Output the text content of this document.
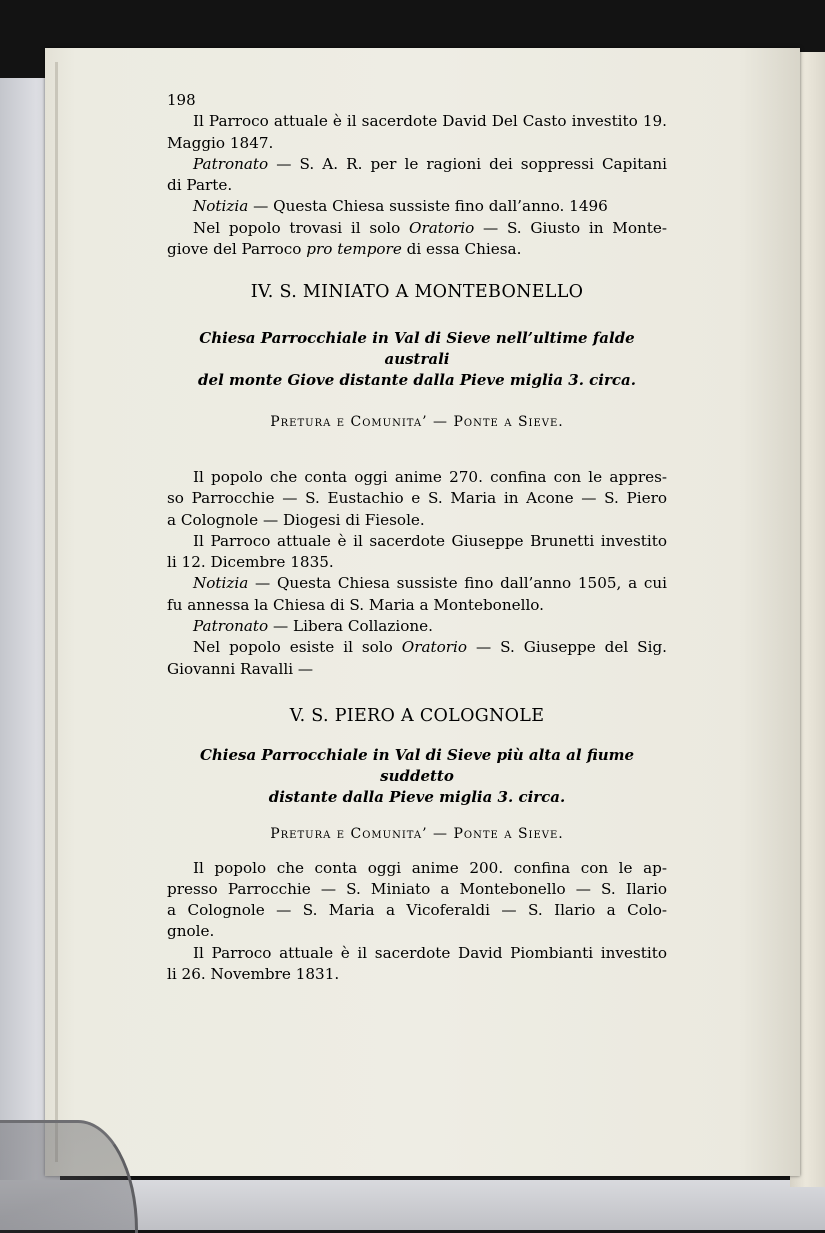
198
Il Parroco attuale è il sacerdote David Del Casto investito 19.
Maggio 1847.
Patronato — S. A. R. per le ragioni dei soppressi Capitani
di Parte.
Notizia — Questa Chiesa sussiste fino dall’anno. 1496
Nel popolo trovasi il solo Oratorio — S. Giusto in Monte-
giove del Parroco pro tempore di essa Chiesa.
IV. S. MINIATO A MONTEBONELLO
Chiesa Parrocchiale in Val di Sieve nell’ultime falde australi
del monte Giove distante dalla Pieve miglia 3. circa.
Pretura e Comunita’ — Ponte a Sieve.
Il popolo che conta oggi anime 270. confina con le appres-
so Parrocchie — S. Eustachio e S. Maria in Acone — S. Piero
a Colognole — Diogesi di Fiesole.
Il Parroco attuale è il sacerdote Giuseppe Brunetti investito
li 12. Dicembre 1835.
Notizia — Questa Chiesa sussiste fino dall’anno 1505, a cui
fu annessa la Chiesa di S. Maria a Montebonello.
Patronato — Libera Collazione.
Nel popolo esiste il solo Oratorio — S. Giuseppe del Sig.
Giovanni Ravalli —
V. S. PIERO A COLOGNOLE
Chiesa Parrocchiale in Val di Sieve più alta al fiume suddetto
distante dalla Pieve miglia 3. circa.
Pretura e Comunita’ — Ponte a Sieve.
Il popolo che conta oggi anime 200. confina con le ap-
presso Parrocchie — S. Miniato a Montebonello — S. Ilario
a Colognole — S. Maria a Vicoferaldi — S. Ilario a Colo-
gnole.
Il Parroco attuale è il sacerdote David Piombianti investito
li 26. Novembre 1831.
